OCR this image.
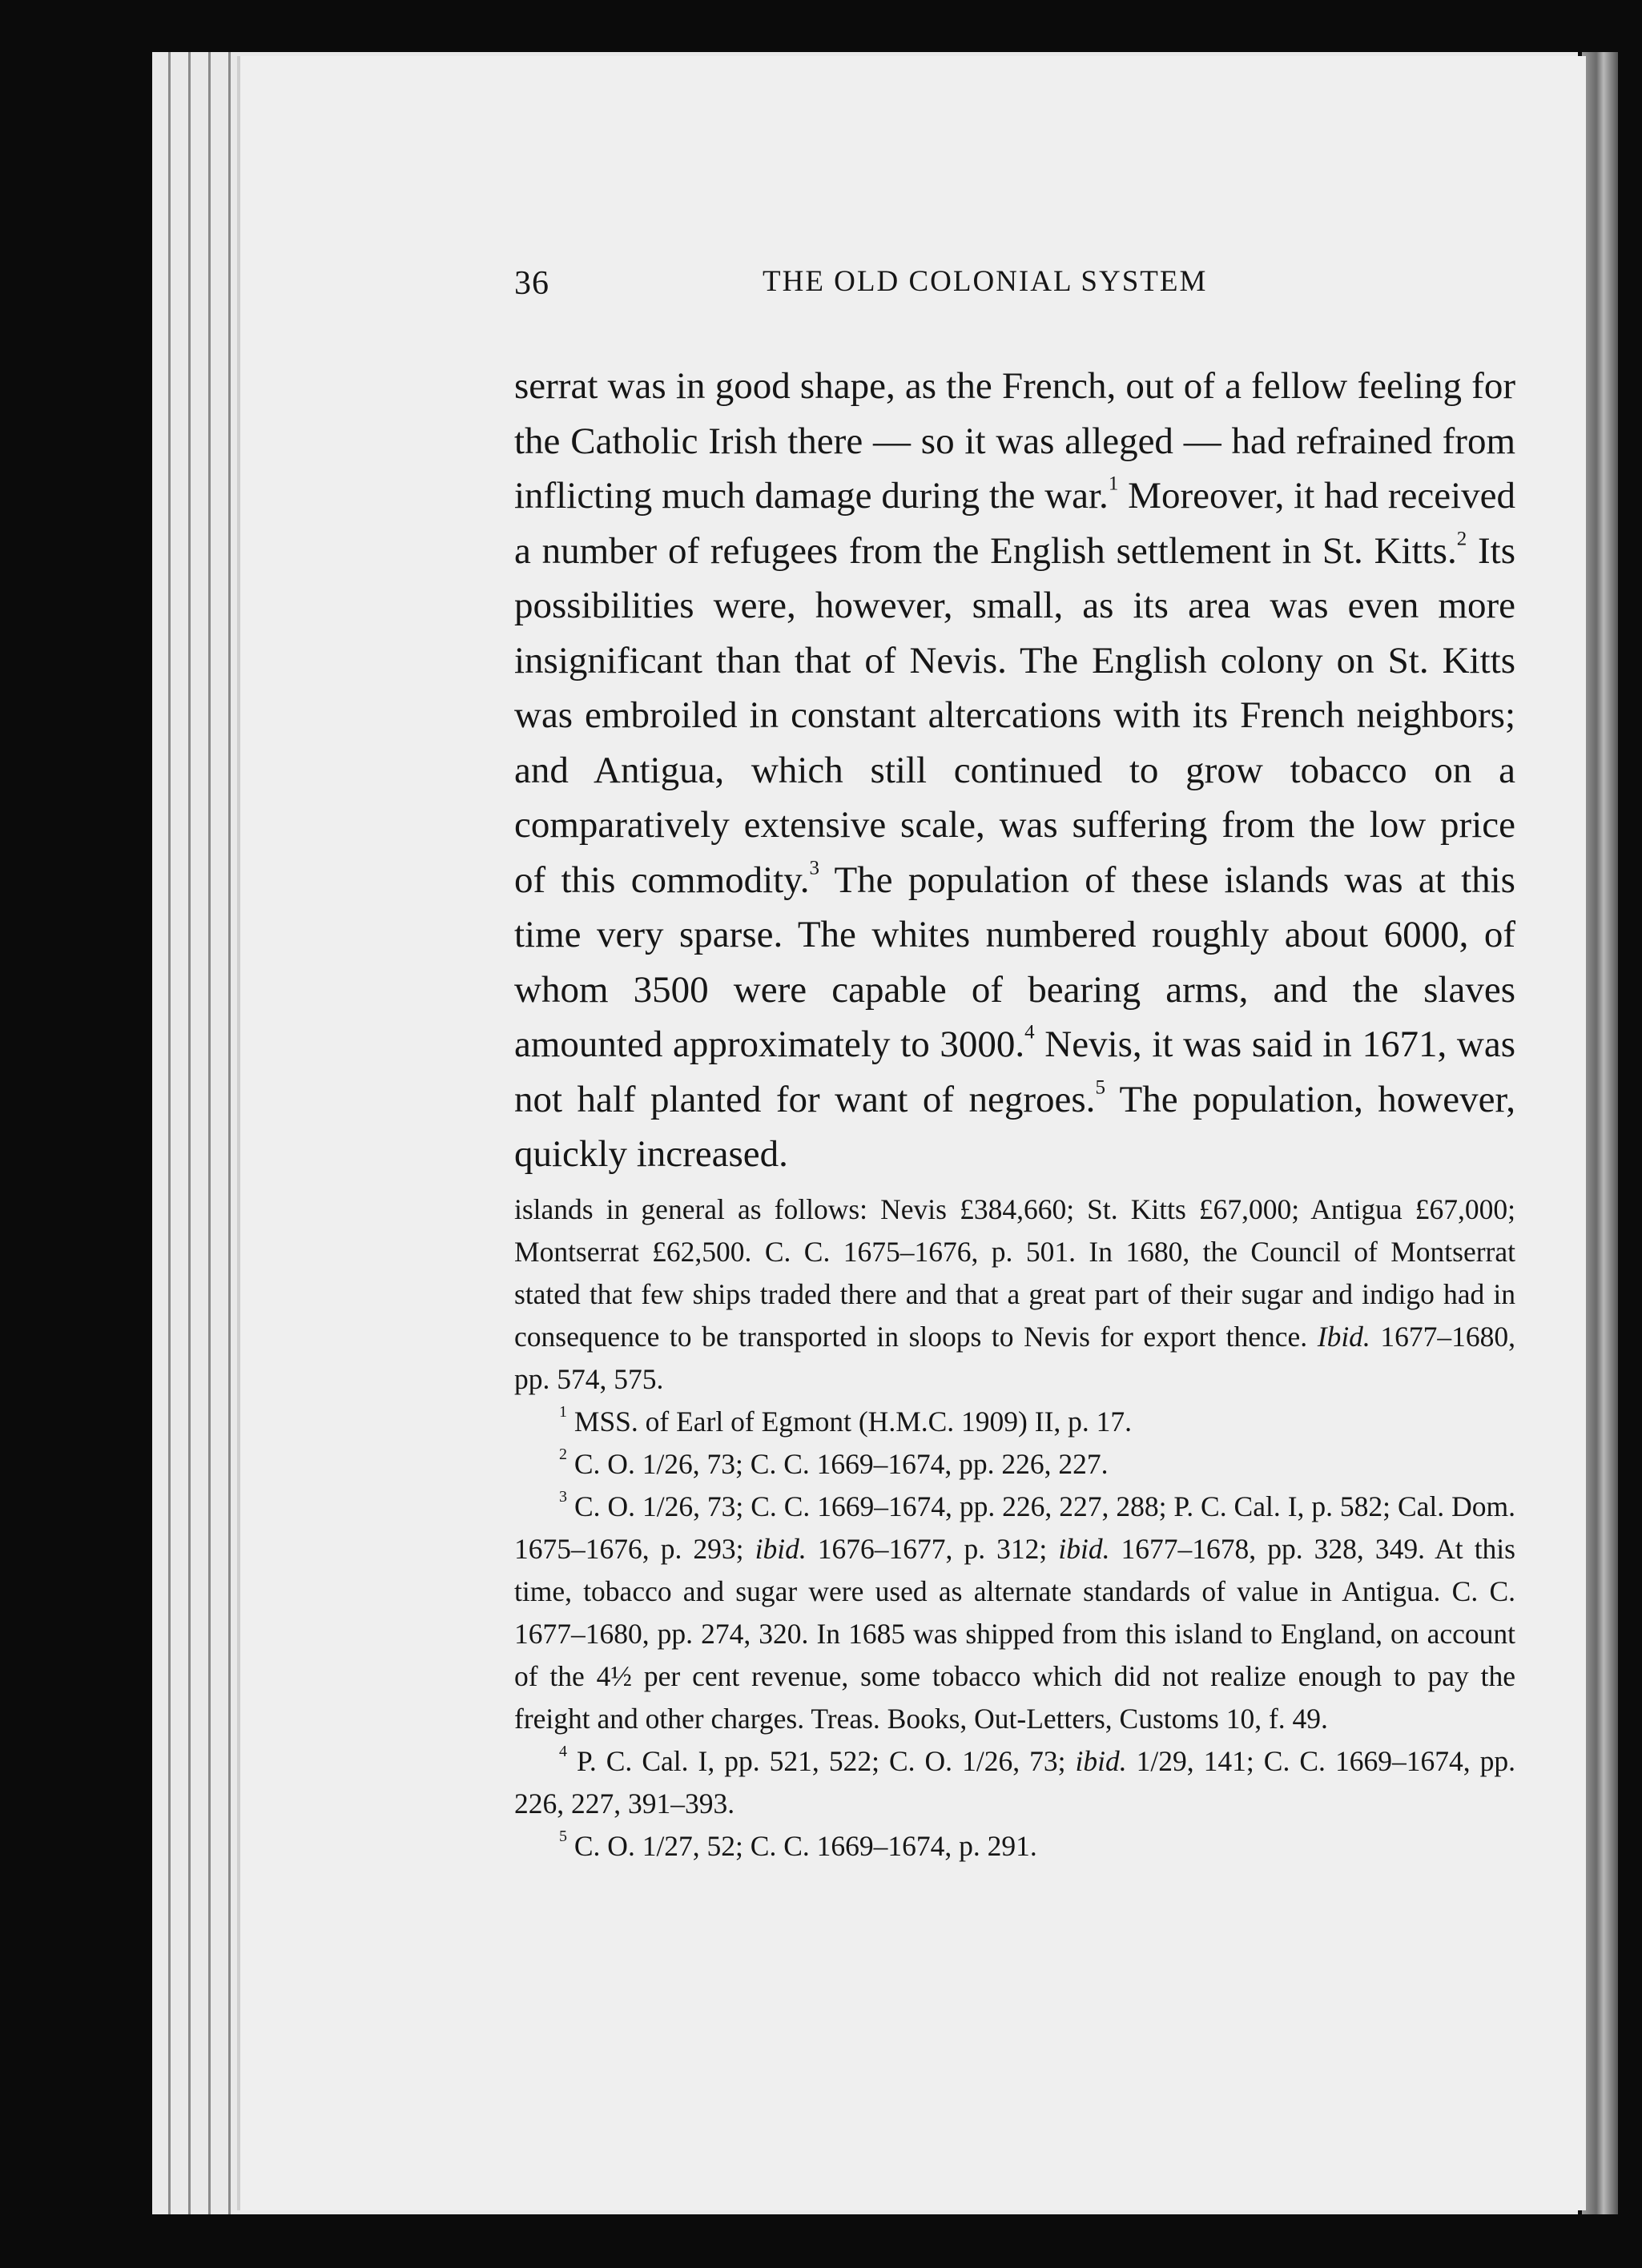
36	THE OLD COLONIAL SYSTEM

serrat was in good shape, as the French, out of a fellow feeling for the Catholic Irish there — so it was alleged — had refrained from inflicting much damage during the war.$^1$ Moreover, it had received a number of refugees from the English settlement in St. Kitts.$^2$ Its possibilities were, however, small, as its area was even more insignificant than that of Nevis. The English colony on St. Kitts was embroiled in constant altercations with its French neighbors; and Antigua, which still continued to grow tobacco on a comparatively extensive scale, was suffering from the low price of this commodity.$^3$ The population of these islands was at this time very sparse. The whites numbered roughly about 6000, of whom 3500 were capable of bearing arms, and the slaves amounted approximately to 3000.$^4$ Nevis, it was said in 1671, was not half planted for want of negroes.$^5$ The population, however, quickly increased.

islands in general as follows: Nevis £384,660; St. Kitts £67,000; Antigua £67,000; Montserrat £62,500. C. C. 1675–1676, p. 501. In 1680, the Council of Montserrat stated that few ships traded there and that a great part of their sugar and indigo had in consequence to be transported in sloops to Nevis for export thence. Ibid. 1677–1680, pp. 574, 575.

$^1$ MSS. of Earl of Egmont (H.M.C. 1909) II, p. 17.

$^2$ C. O. 1/26, 73; C. C. 1669–1674, pp. 226, 227.

$^3$ C. O. 1/26, 73; C. C. 1669–1674, pp. 226, 227, 288; P. C. Cal. I, p. 582; Cal. Dom. 1675–1676, p. 293; ibid. 1676–1677, p. 312; ibid. 1677–1678, pp. 328, 349. At this time, tobacco and sugar were used as alternate standards of value in Antigua. C. C. 1677–1680, pp. 274, 320. In 1685 was shipped from this island to England, on account of the 4½ per cent revenue, some tobacco which did not realize enough to pay the freight and other charges. Treas. Books, Out-Letters, Customs 10, f. 49.

$^4$ P. C. Cal. I, pp. 521, 522; C. O. 1/26, 73; ibid. 1/29, 141; C. C. 1669–1674, pp. 226, 227, 391–393.

$^5$ C. O. 1/27, 52; C. C. 1669–1674, p. 291.
